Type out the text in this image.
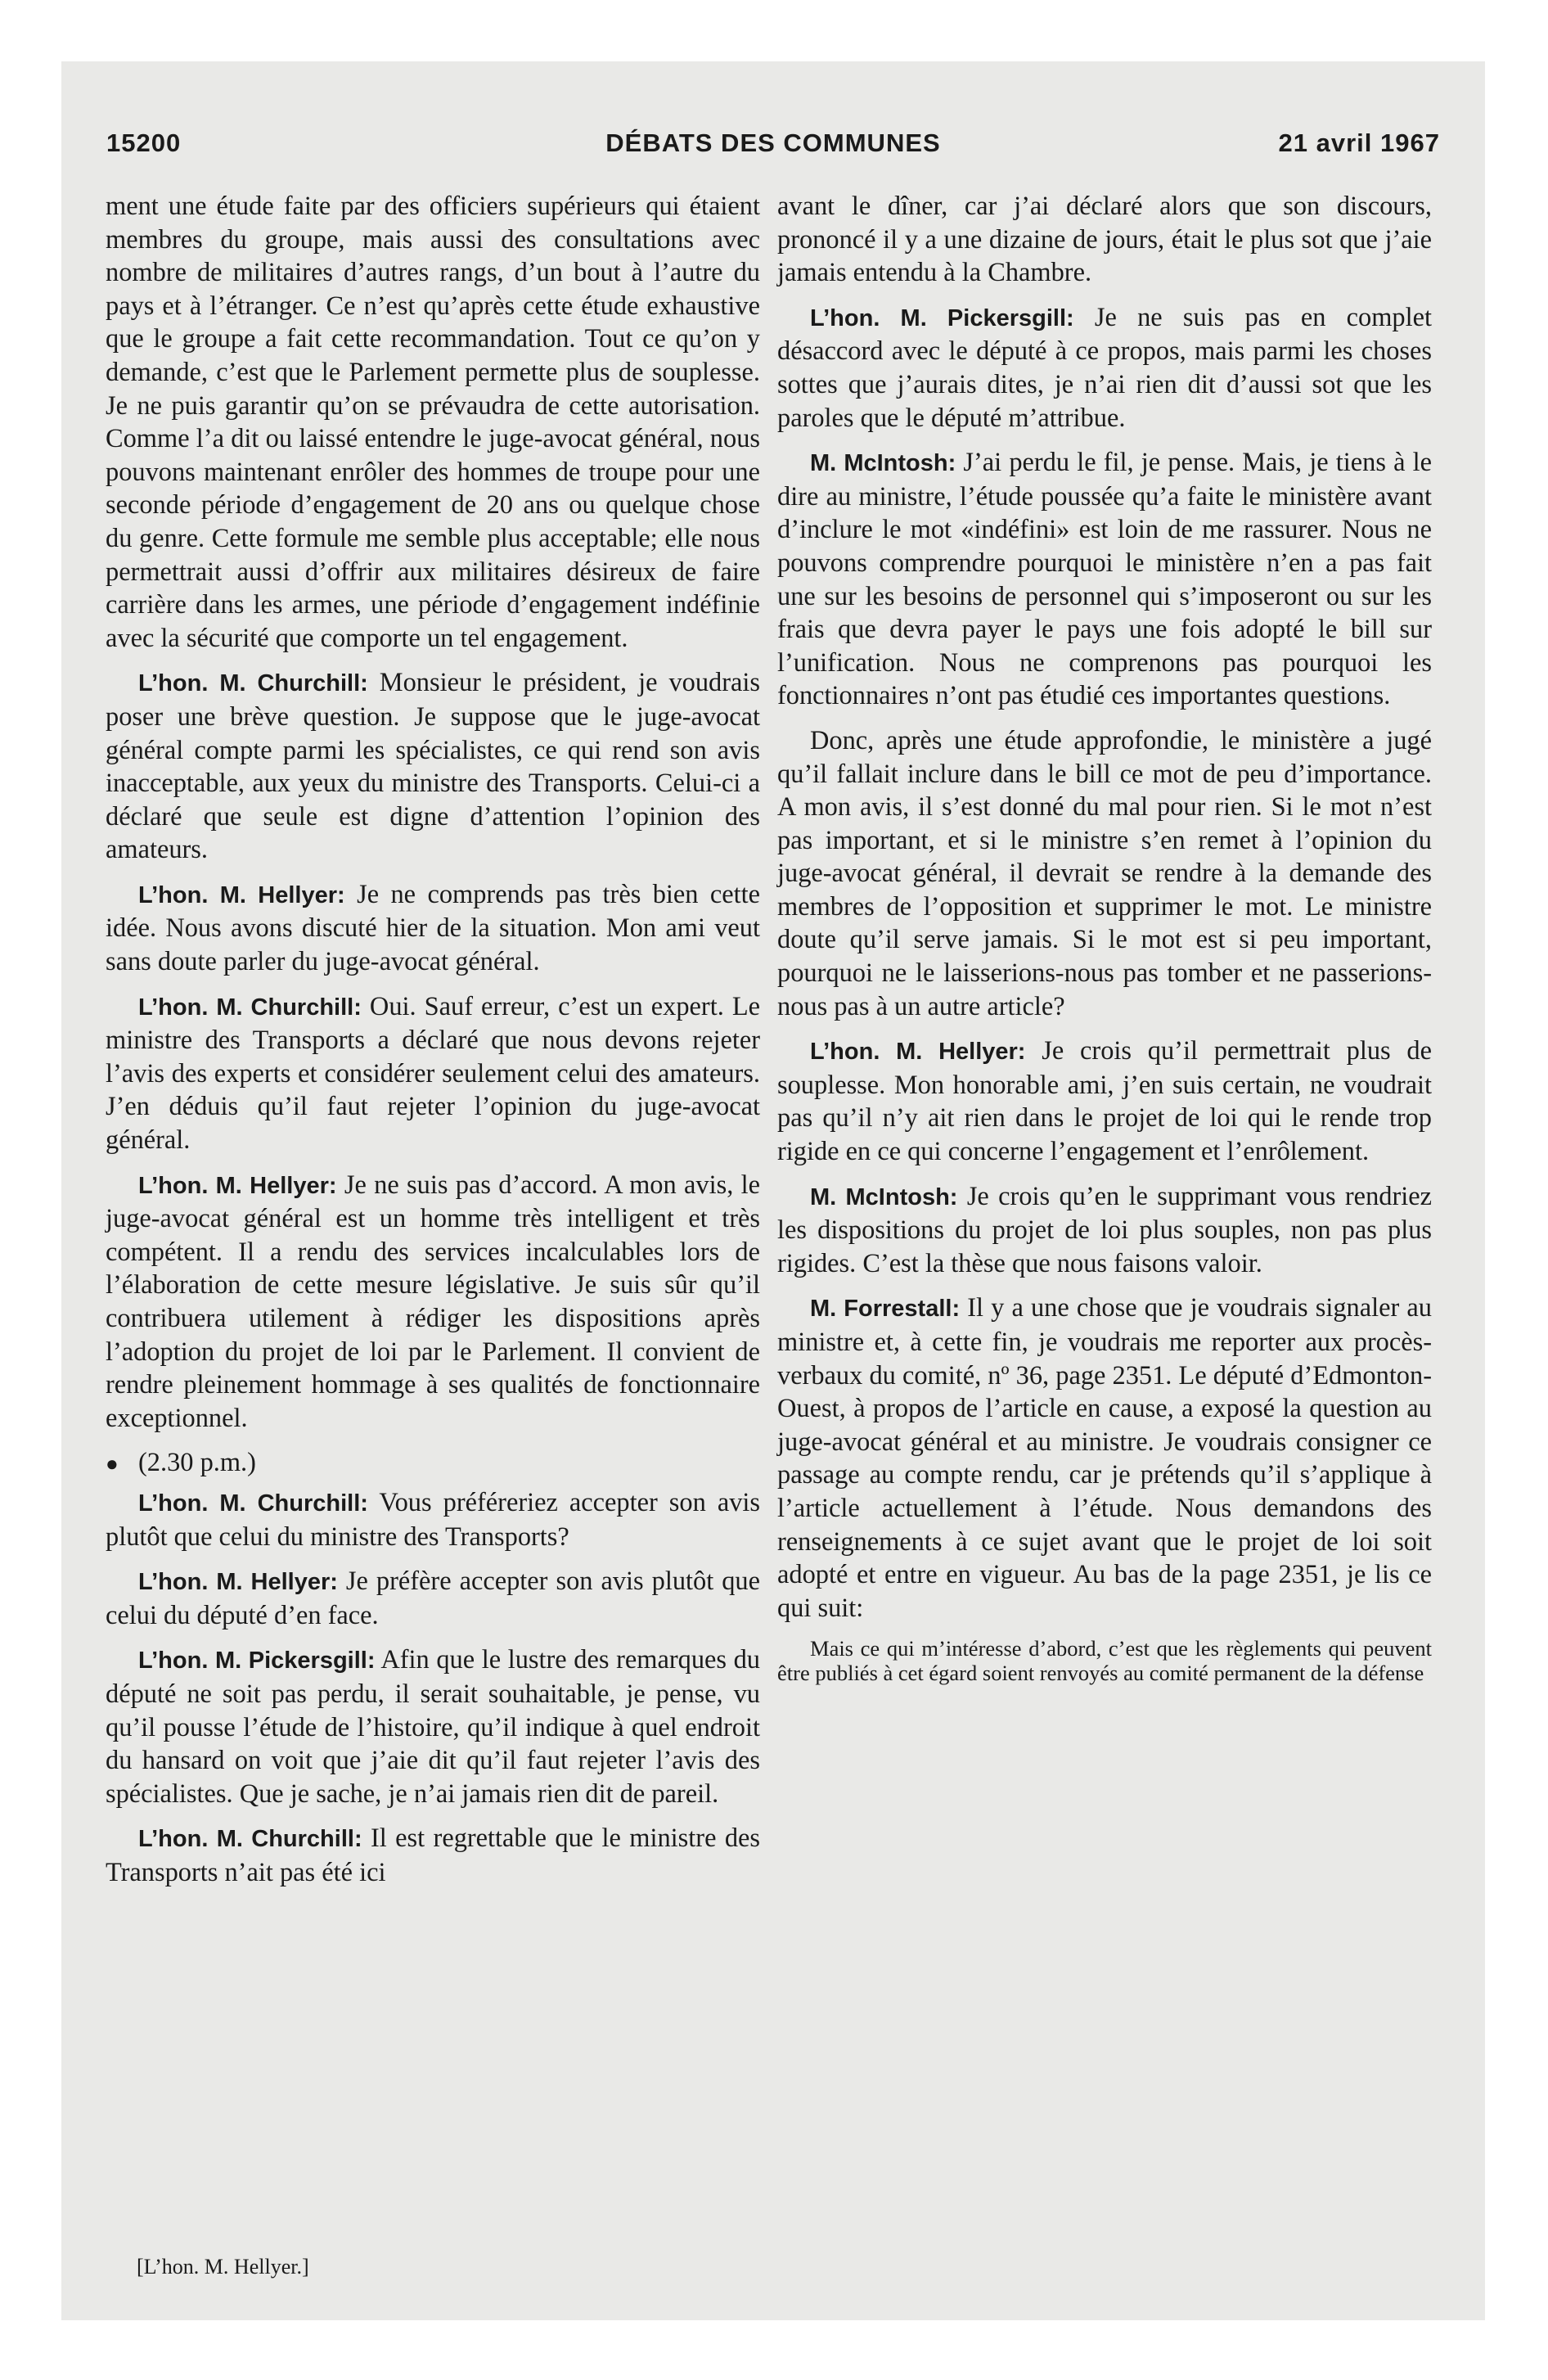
15200	DÉBATS DES COMMUNES	21 avril 1967

ment une étude faite par des officiers supérieurs qui étaient membres du groupe, mais aussi des consultations avec nombre de militaires d’autres rangs, d’un bout à l’autre du pays et à l’étranger. Ce n’est qu’après cette étude exhaustive que le groupe a fait cette recommandation. Tout ce qu’on y demande, c’est que le Parlement permette plus de souplesse. Je ne puis garantir qu’on se prévaudra de cette autorisation. Comme l’a dit ou laissé entendre le juge-avocat général, nous pouvons maintenant enrôler des hommes de troupe pour une seconde période d’engagement de 20 ans ou quelque chose du genre. Cette formule me semble plus acceptable; elle nous permettrait aussi d’offrir aux militaires désireux de faire carrière dans les armes, une période d’engagement indéfinie avec la sécurité que comporte un tel engagement.

L’hon. M. Churchill: Monsieur le président, je voudrais poser une brève question. Je suppose que le juge-avocat général compte parmi les spécialistes, ce qui rend son avis inacceptable, aux yeux du ministre des Transports. Celui-ci a déclaré que seule est digne d’attention l’opinion des amateurs.

L’hon. M. Hellyer: Je ne comprends pas très bien cette idée. Nous avons discuté hier de la situation. Mon ami veut sans doute parler du juge-avocat général.

L’hon. M. Churchill: Oui. Sauf erreur, c’est un expert. Le ministre des Transports a déclaré que nous devons rejeter l’avis des experts et considérer seulement celui des amateurs. J’en déduis qu’il faut rejeter l’opinion du juge-avocat général.

L’hon. M. Hellyer: Je ne suis pas d’accord. A mon avis, le juge-avocat général est un homme très intelligent et très compétent. Il a rendu des services incalculables lors de l’élaboration de cette mesure législative. Je suis sûr qu’il contribuera utilement à rédiger les dispositions après l’adoption du projet de loi par le Parlement. Il convient de rendre pleinement hommage à ses qualités de fonctionnaire exceptionnel.

● (2.30 p.m.)

L’hon. M. Churchill: Vous préféreriez accepter son avis plutôt que celui du ministre des Transports?

L’hon. M. Hellyer: Je préfère accepter son avis plutôt que celui du député d’en face.

L’hon. M. Pickersgill: Afin que le lustre des remarques du député ne soit pas perdu, il serait souhaitable, je pense, vu qu’il pousse l’étude de l’histoire, qu’il indique à quel endroit du hansard on voit que j’aie dit qu’il faut rejeter l’avis des spécialistes. Que je sache, je n’ai jamais rien dit de pareil.

L’hon. M. Churchill: Il est regrettable que le ministre des Transports n’ait pas été ici

avant le dîner, car j’ai déclaré alors que son discours, prononcé il y a une dizaine de jours, était le plus sot que j’aie jamais entendu à la Chambre.

L’hon. M. Pickersgill: Je ne suis pas en complet désaccord avec le député à ce propos, mais parmi les choses sottes que j’aurais dites, je n’ai rien dit d’aussi sot que les paroles que le député m’attribue.

M. McIntosh: J’ai perdu le fil, je pense. Mais, je tiens à le dire au ministre, l’étude poussée qu’a faite le ministère avant d’inclure le mot «indéfini» est loin de me rassurer. Nous ne pouvons comprendre pourquoi le ministère n’en a pas fait une sur les besoins de personnel qui s’imposeront ou sur les frais que devra payer le pays une fois adopté le bill sur l’unification. Nous ne comprenons pas pourquoi les fonctionnaires n’ont pas étudié ces importantes questions.

Donc, après une étude approfondie, le ministère a jugé qu’il fallait inclure dans le bill ce mot de peu d’importance. A mon avis, il s’est donné du mal pour rien. Si le mot n’est pas important, et si le ministre s’en remet à l’opinion du juge-avocat général, il devrait se rendre à la demande des membres de l’opposition et supprimer le mot. Le ministre doute qu’il serve jamais. Si le mot est si peu important, pourquoi ne le laisserions-nous pas tomber et ne passerions-nous pas à un autre article?

L’hon. M. Hellyer: Je crois qu’il permettrait plus de souplesse. Mon honorable ami, j’en suis certain, ne voudrait pas qu’il n’y ait rien dans le projet de loi qui le rende trop rigide en ce qui concerne l’engagement et l’enrôlement.

M. McIntosh: Je crois qu’en le supprimant vous rendriez les dispositions du projet de loi plus souples, non pas plus rigides. C’est la thèse que nous faisons valoir.

M. Forrestall: Il y a une chose que je voudrais signaler au ministre et, à cette fin, je voudrais me reporter aux procès-verbaux du comité, nº 36, page 2351. Le député d’Edmonton-Ouest, à propos de l’article en cause, a exposé la question au juge-avocat général et au ministre. Je voudrais consigner ce passage au compte rendu, car je prétends qu’il s’applique à l’article actuellement à l’étude. Nous demandons des renseignements à ce sujet avant que le projet de loi soit adopté et entre en vigueur. Au bas de la page 2351, je lis ce qui suit:

Mais ce qui m’intéresse d’abord, c’est que les règlements qui peuvent être publiés à cet égard soient renvoyés au comité permanent de la défense

[L’hon. M. Hellyer.]
